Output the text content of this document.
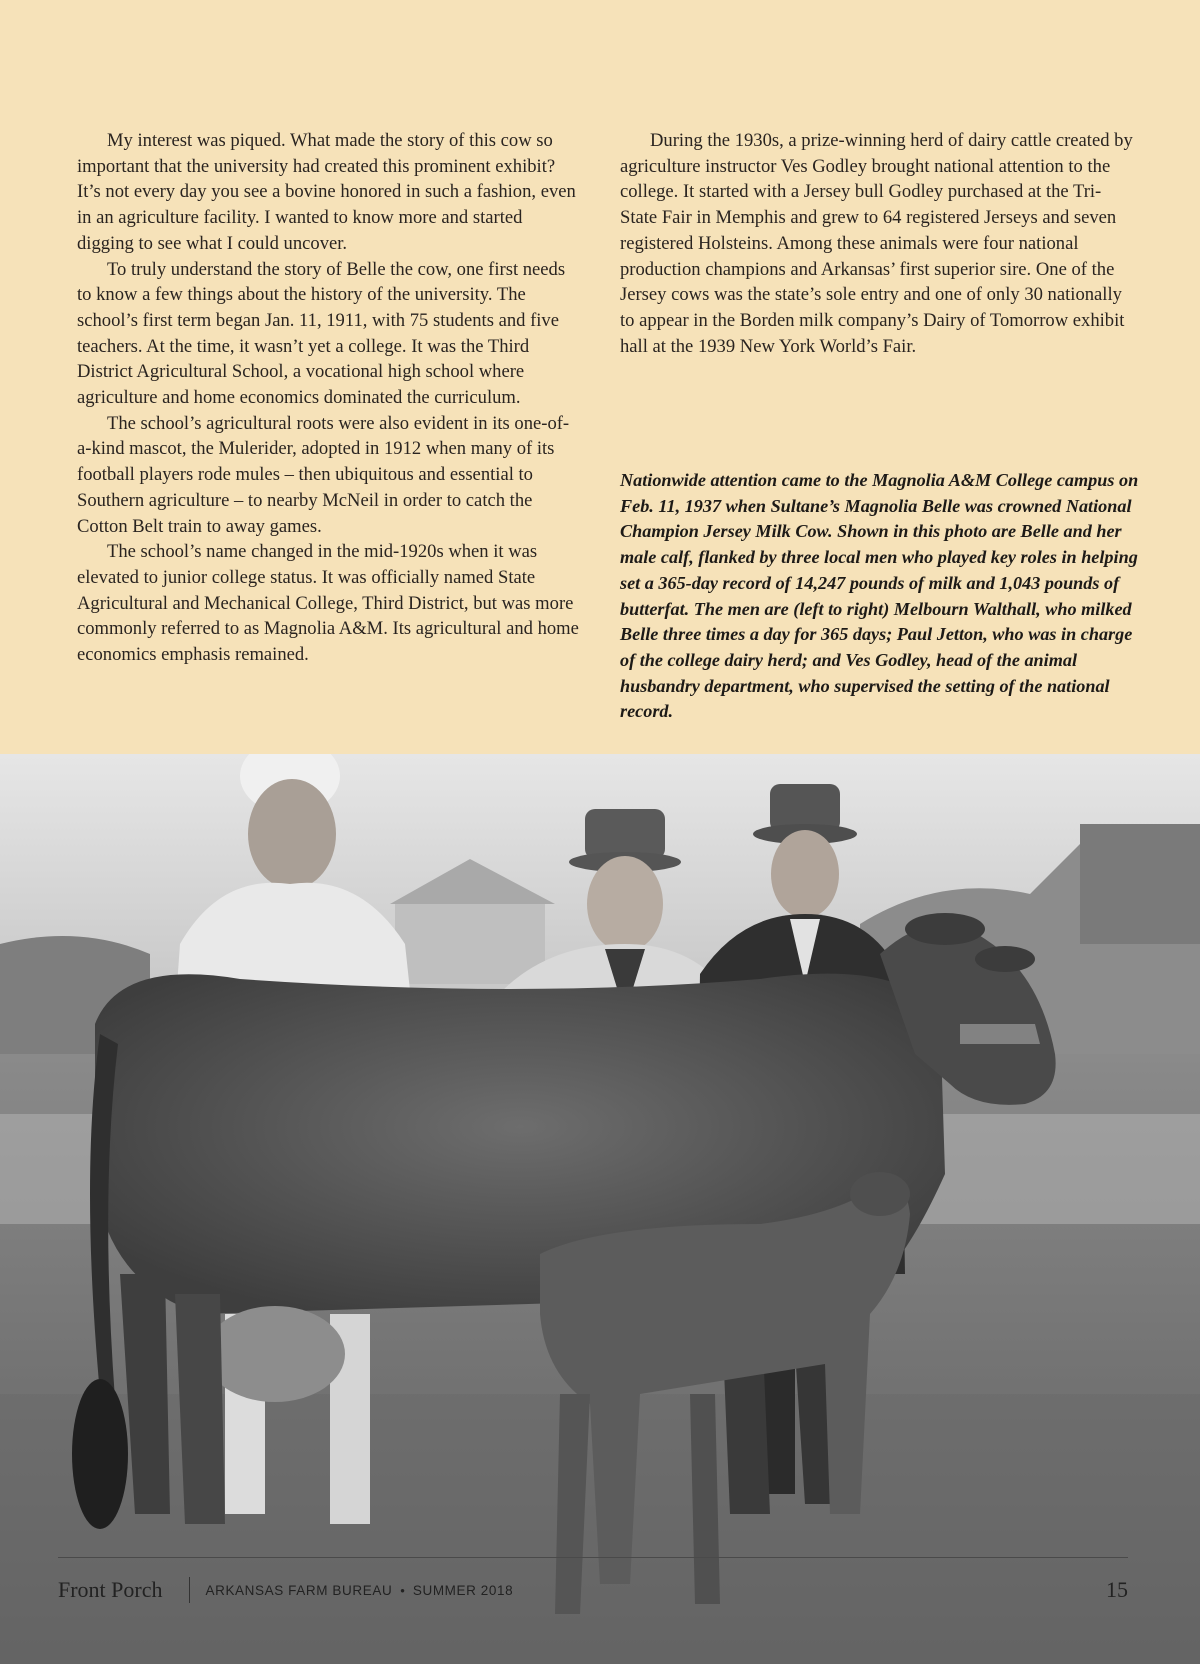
My interest was piqued. What made the story of this cow so important that the university had created this prominent exhibit? It’s not every day you see a bovine honored in such a fashion, even in an agriculture facility. I wanted to know more and started digging to see what I could uncover.

To truly understand the story of Belle the cow, one first needs to know a few things about the history of the university. The school’s first term began Jan. 11, 1911, with 75 students and five teachers. At the time, it wasn’t yet a college. It was the Third District Agricultural School, a vocational high school where agriculture and home economics dominated the curriculum.

The school’s agricultural roots were also evident in its one-of-a-kind mascot, the Mulerider, adopted in 1912 when many of its football players rode mules – then ubiquitous and essential to Southern agriculture – to nearby McNeil in order to catch the Cotton Belt train to away games.

The school’s name changed in the mid-1920s when it was elevated to junior college status. It was officially named State Agricultural and Mechanical College, Third District, but was more commonly referred to as Magnolia A&M. Its agricultural and home economics emphasis remained.

During the 1930s, a prize-winning herd of dairy cattle created by agriculture instructor Ves Godley brought national attention to the college. It started with a Jersey bull Godley purchased at the Tri-State Fair in Memphis and grew to 64 registered Jerseys and seven registered Holsteins. Among these animals were four national production champions and Arkansas’ first superior sire. One of the Jersey cows was the state’s sole entry and one of only 30 nationally to appear in the Borden milk company’s Dairy of Tomorrow exhibit hall at the 1939 New York World’s Fair.

Nationwide attention came to the Magnolia A&M College campus on Feb. 11, 1937 when Sultane’s Magnolia Belle was crowned National Champion Jersey Milk Cow. Shown in this photo are Belle and her male calf, flanked by three local men who played key roles in helping set a 365-day record of 14,247 pounds of milk and 1,043 pounds of butterfat. The men are (left to right) Melbourn Walthall, who milked Belle three times a day for 365 days; Paul Jetton, who was in charge of the college dairy herd; and Ves Godley, head of the animal husbandry department, who supervised the setting of the national record.

Front Porch	ARKANSAS FARM BUREAU • SUMMER 2018	15
